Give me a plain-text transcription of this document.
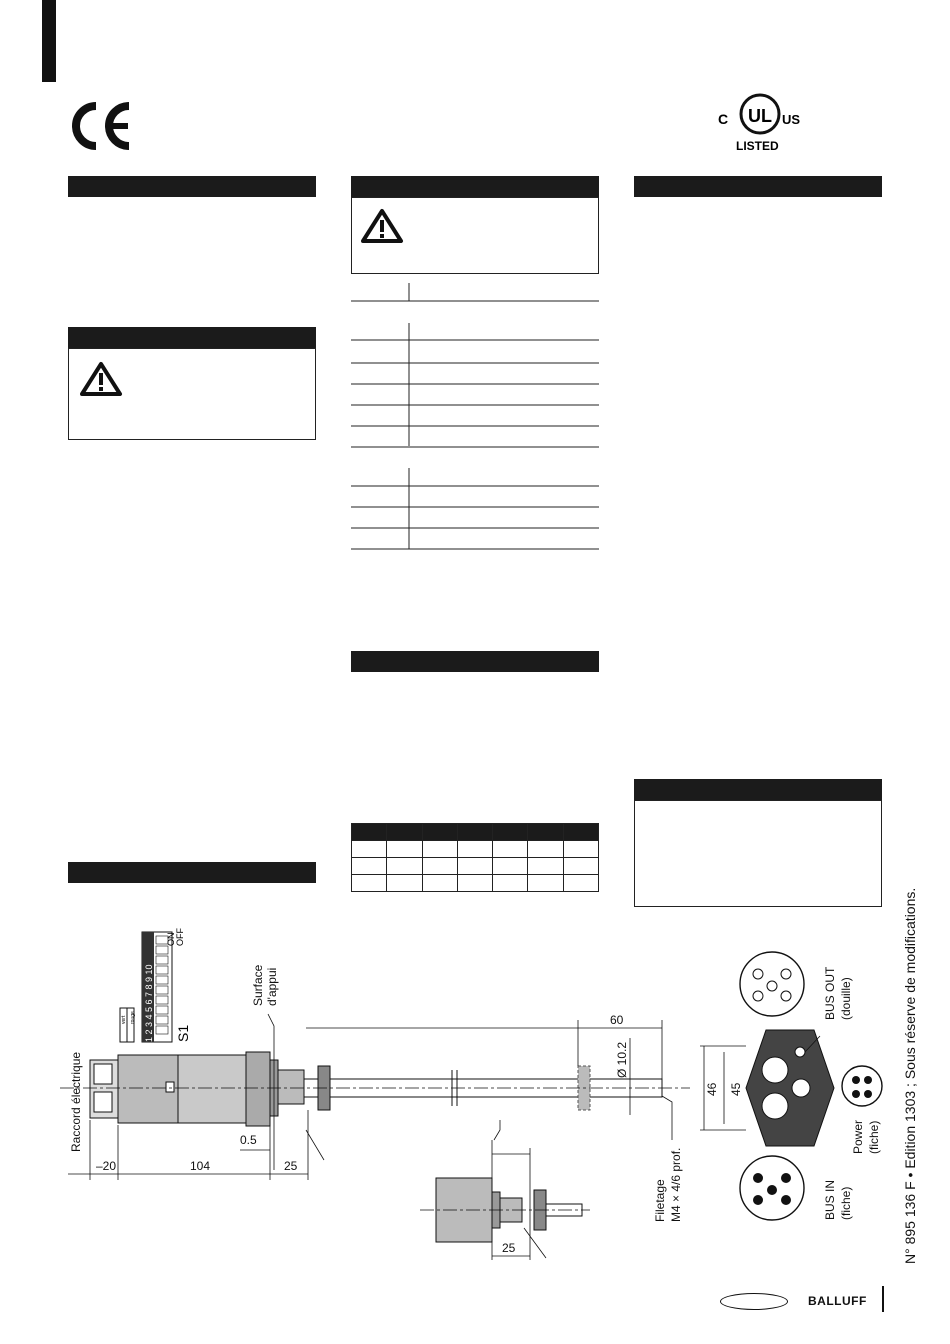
C UL US
LISTED

1 2 3 4 5 6 7 8 9 10
ON OFF
S1
vert rouge
Raccord électrique
Surface d'appui
–20	104
0.5
25
60
Ø 10.2
Filetage M4 × 4/6 prof.
25
46 45
BUS OUT (douille)
BUS IN (fiche)
Power (fiche) N° 895 136 F • Edition 1303 ; Sous réserve de modifications.
BALLUFF
